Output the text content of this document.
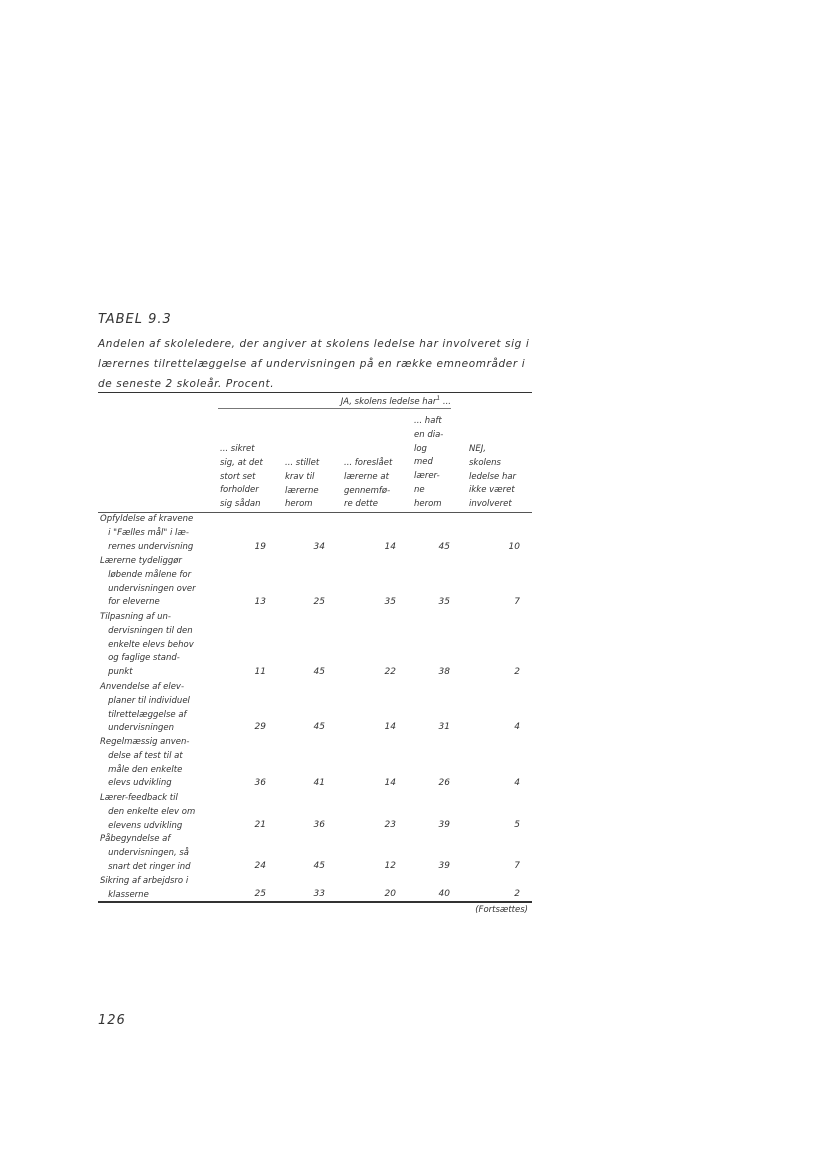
TABEL 9.3
Andelen af skoleledere, der angiver at skolens ledelse har involveret sig i lærernes tilrettelæggelse af undervisningen på en række emneområder i de seneste 2 skoleår. Procent.
JA, skolens ledelse har$^1$ ...
... sikret
sig, at det
stort set
forholder
sig sådan
... stillet
krav til
lærerne
herom
... foreslået
lærerne at
gennemfø-
re dette
... haft
en dia-
log
med
lærer-
ne
herom
NEJ,
skolens
ledelse har
ikke været
involveret
Opfyldelse af kravene
i "Fælles mål" i læ-
rernes undervisning	19	34	14	45	10
Lærerne tydeliggør
løbende målene for
undervisningen over
for eleverne	13	25	35	35	7
Tilpasning af un-
dervisningen til den
enkelte elevs behov
og faglige stand-
punkt	11	45	22	38	2
Anvendelse af elev-
planer til individuel
tilrettelæggelse af
undervisningen	29	45	14	31	4
Regelmæssig anven-
delse af test til at
måle den enkelte
elevs udvikling	36	41	14	26	4
Lærer-feedback til
den enkelte elev om
elevens udvikling	21	36	23	39	5
Påbegyndelse af
undervisningen, så
snart det ringer ind	24	45	12	39	7
Sikring af arbejdsro i
klasserne	25	33	20	40	2
(Fortsættes)
126
